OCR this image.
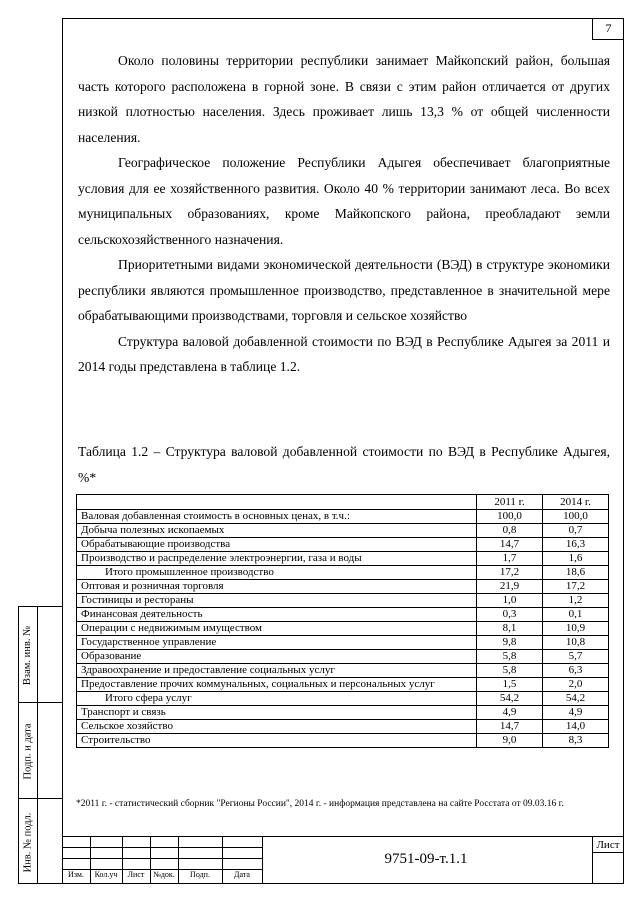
7

Около половины территории республики занимает Майкопский район, большая часть которого расположена в горной зоне. В связи с этим район отличается от других низкой плотностью населения. Здесь проживает лишь 13,3 % от общей численности населения.

Географическое положение Республики Адыгея обеспечивает благоприятные условия для ее хозяйственного развития. Около 40 % территории занимают леса. Во всех муниципальных образованиях, кроме Майкопского района, преобладают земли сельскохозяйственного назначения.

Приоритетными видами экономической деятельности (ВЭД) в структуре экономики республики являются промышленное производство, представленное в значительной мере обрабатывающими производствами, торговля и сельское хозяйство

Структура валовой добавленной стоимости по ВЭД в Республике Адыгея за 2011 и 2014 годы представлена в таблице 1.2.

Таблица 1.2 – Структура валовой добавленной стоимости по ВЭД в Республике Адыгея, %*
	2011 г.	2014 г.
Валовая добавленная стоимость в основных ценах, в т.ч.:	100,0	100,0
Добыча полезных ископаемых	0,8	0,7
Обрабатывающие производства	14,7	16,3
Производство и распределение электроэнергии, газа и воды	1,7	1,6
Итого промышленное производство	17,2	18,6
Оптовая и розничная торговля	21,9	17,2
Гостиницы и рестораны	1,0	1,2
Финансовая деятельность	0,3	0,1
Операции с недвижимым имуществом	8,1	10,9
Государственное управление	9,8	10,8
Образование	5,8	5,7
Здравоохранение и предоставление социальных услуг	5,8	6,3
Предоставление прочих коммунальных, социальных и персональных услуг	1,5	2,0
Итого сфера услуг	54,2	54,2
Транспорт и связь	4,9	4,9
Сельское хозяйство	14,7	14,0
Строительство	9,0	8,3
*2011 г. - статистический сборник "Регионы России", 2014 г. - информация представлена на сайте Росстата от 09.03.16 г.
Взам. инв. №
Подп. и дата
Инв. № подл.
Изм.	Кол.уч	Лист	№док.	Подп.	Дата
9751-09-т.1.1
Лист
